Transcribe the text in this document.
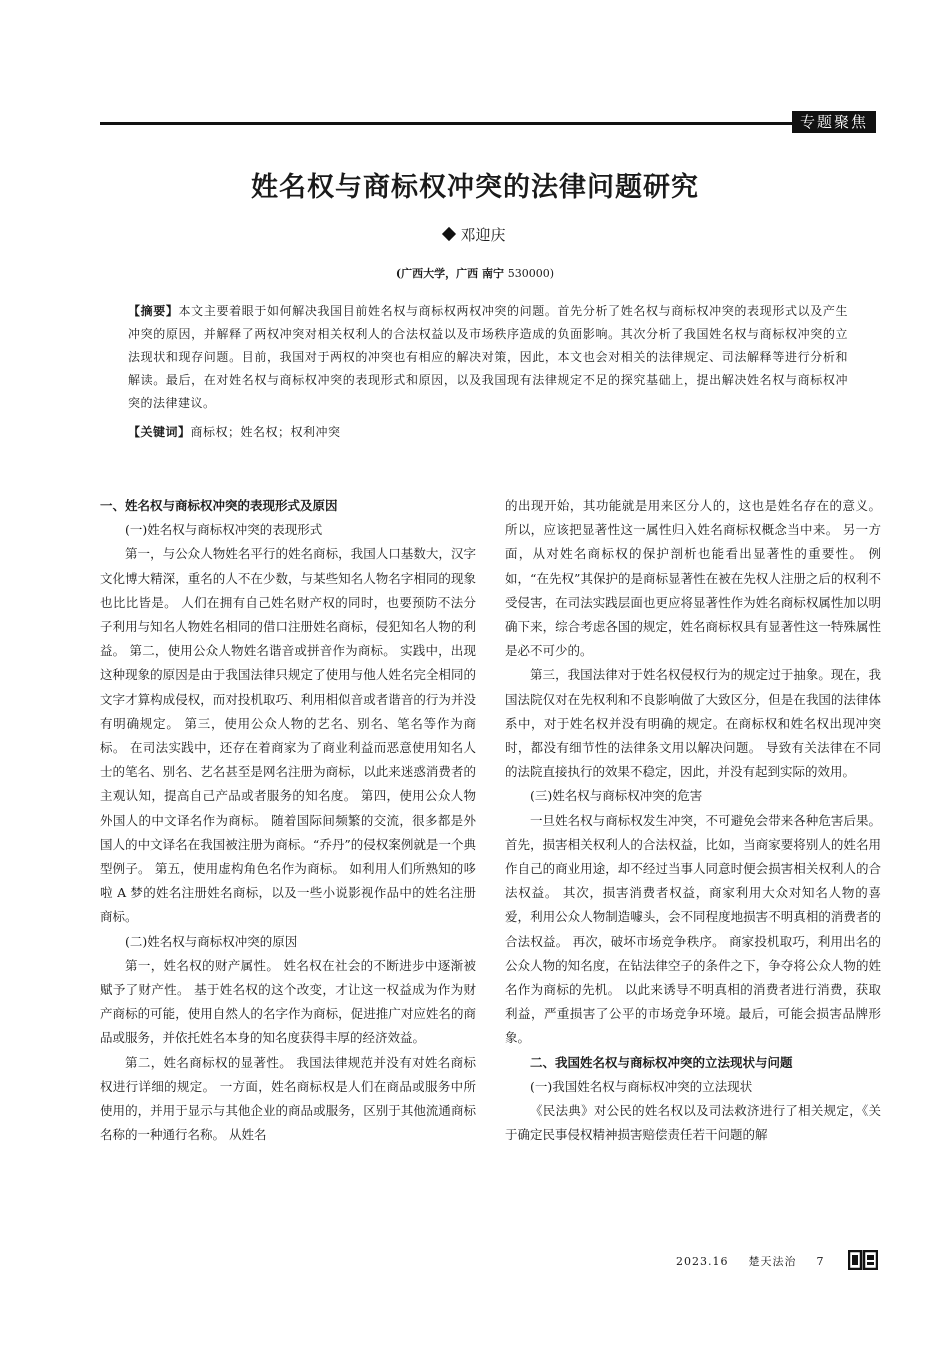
专题聚焦
姓名权与商标权冲突的法律问题研究
邓迎庆
(广西大学，广西 南宁 530000)
【摘要】本文主要着眼于如何解决我国目前姓名权与商标权两权冲突的问题。首先分析了姓名权与商标权冲突的表现形式以及产生冲突的原因，并解释了两权冲突对相关权利人的合法权益以及市场秩序造成的负面影响。其次分析了我国姓名权与商标权冲突的立法现状和现存问题。目前，我国对于两权的冲突也有相应的解决对策，因此，本文也会对相关的法律规定、司法解释等进行分析和解读。最后，在对姓名权与商标权冲突的表现形式和原因，以及我国现有法律规定不足的探究基础上，提出解决姓名权与商标权冲突的法律建议。
【关键词】商标权；姓名权；权利冲突

一、姓名权与商标权冲突的表现形式及原因

(一)姓名权与商标权冲突的表现形式

第一，与公众人物姓名平行的姓名商标，我国人口基数大，汉字文化博大精深，重名的人不在少数，与某些知名人物名字相同的现象也比比皆是。 人们在拥有自己姓名财产权的同时，也要预防不法分子利用与知名人物姓名相同的借口注册姓名商标，侵犯知名人物的利益。 第二，使用公众人物姓名谐音或拼音作为商标。 实践中，出现这种现象的原因是由于我国法律只规定了使用与他人姓名完全相同的文字才算构成侵权，而对投机取巧、利用相似音或者谐音的行为并没有明确规定。 第三，使用公众人物的艺名、别名、笔名等作为商标。 在司法实践中，还存在着商家为了商业利益而恶意使用知名人士的笔名、别名、艺名甚至是网名注册为商标，以此来迷惑消费者的主观认知，提高自己产品或者服务的知名度。 第四，使用公众人物外国人的中文译名作为商标。 随着国际间频繁的交流，很多都是外国人的中文译名在我国被注册为商标。“乔丹”的侵权案例就是一个典型例子。 第五，使用虚构角色名作为商标。 如利用人们所熟知的哆啦 A 梦的姓名注册姓名商标，以及一些小说影视作品中的姓名注册商标。

(二)姓名权与商标权冲突的原因

第一，姓名权的财产属性。 姓名权在社会的不断进步中逐渐被赋予了财产性。 基于姓名权的这个改变，才让这一权益成为作为财产商标的可能，使用自然人的名字作为商标，促进推广对应姓名的商品或服务，并依托姓名本身的知名度获得丰厚的经济效益。

第二，姓名商标权的显著性。 我国法律规范并没有对姓名商标权进行详细的规定。 一方面，姓名商标权是人们在商品或服务中所使用的，并用于显示与其他企业的商品或服务，区别于其他流通商标名称的一种通行名称。 从姓名

的出现开始，其功能就是用来区分人的，这也是姓名存在的意义。 所以，应该把显著性这一属性归入姓名商标权概念当中来。 另一方面，从对姓名商标权的保护剖析也能看出显著性的重要性。 例如，“在先权”其保护的是商标显著性在被在先权人注册之后的权利不受侵害，在司法实践层面也更应将显著性作为姓名商标权属性加以明确下来，综合考虑各国的规定，姓名商标权具有显著性这一特殊属性是必不可少的。

第三，我国法律对于姓名权侵权行为的规定过于抽象。现在，我国法院仅对在先权利和不良影响做了大致区分，但是在我国的法律体系中，对于姓名权并没有明确的规定。在商标权和姓名权出现冲突时，都没有细节性的法律条文用以解决问题。 导致有关法律在不同的法院直接执行的效果不稳定，因此，并没有起到实际的效用。

(三)姓名权与商标权冲突的危害

一旦姓名权与商标权发生冲突，不可避免会带来各种危害后果。 首先，损害相关权利人的合法权益，比如，当商家要将别人的姓名用作自己的商业用途，却不经过当事人同意时便会损害相关权利人的合法权益。 其次，损害消费者权益，商家利用大众对知名人物的喜爱，利用公众人物制造噱头，会不同程度地损害不明真相的消费者的合法权益。 再次，破坏市场竞争秩序。 商家投机取巧，利用出名的公众人物的知名度，在钻法律空子的条件之下，争夺将公众人物的姓名作为商标的先机。 以此来诱导不明真相的消费者进行消费，获取利益，严重损害了公平的市场竞争环境。最后，可能会损害品牌形象。

二、我国姓名权与商标权冲突的立法现状与问题

(一)我国姓名权与商标权冲突的立法现状

《民法典》对公民的姓名权以及司法救济进行了相关规定，《关于确定民事侵权精神损害赔偿责任若干问题的解

2023.16 楚天法治 7
